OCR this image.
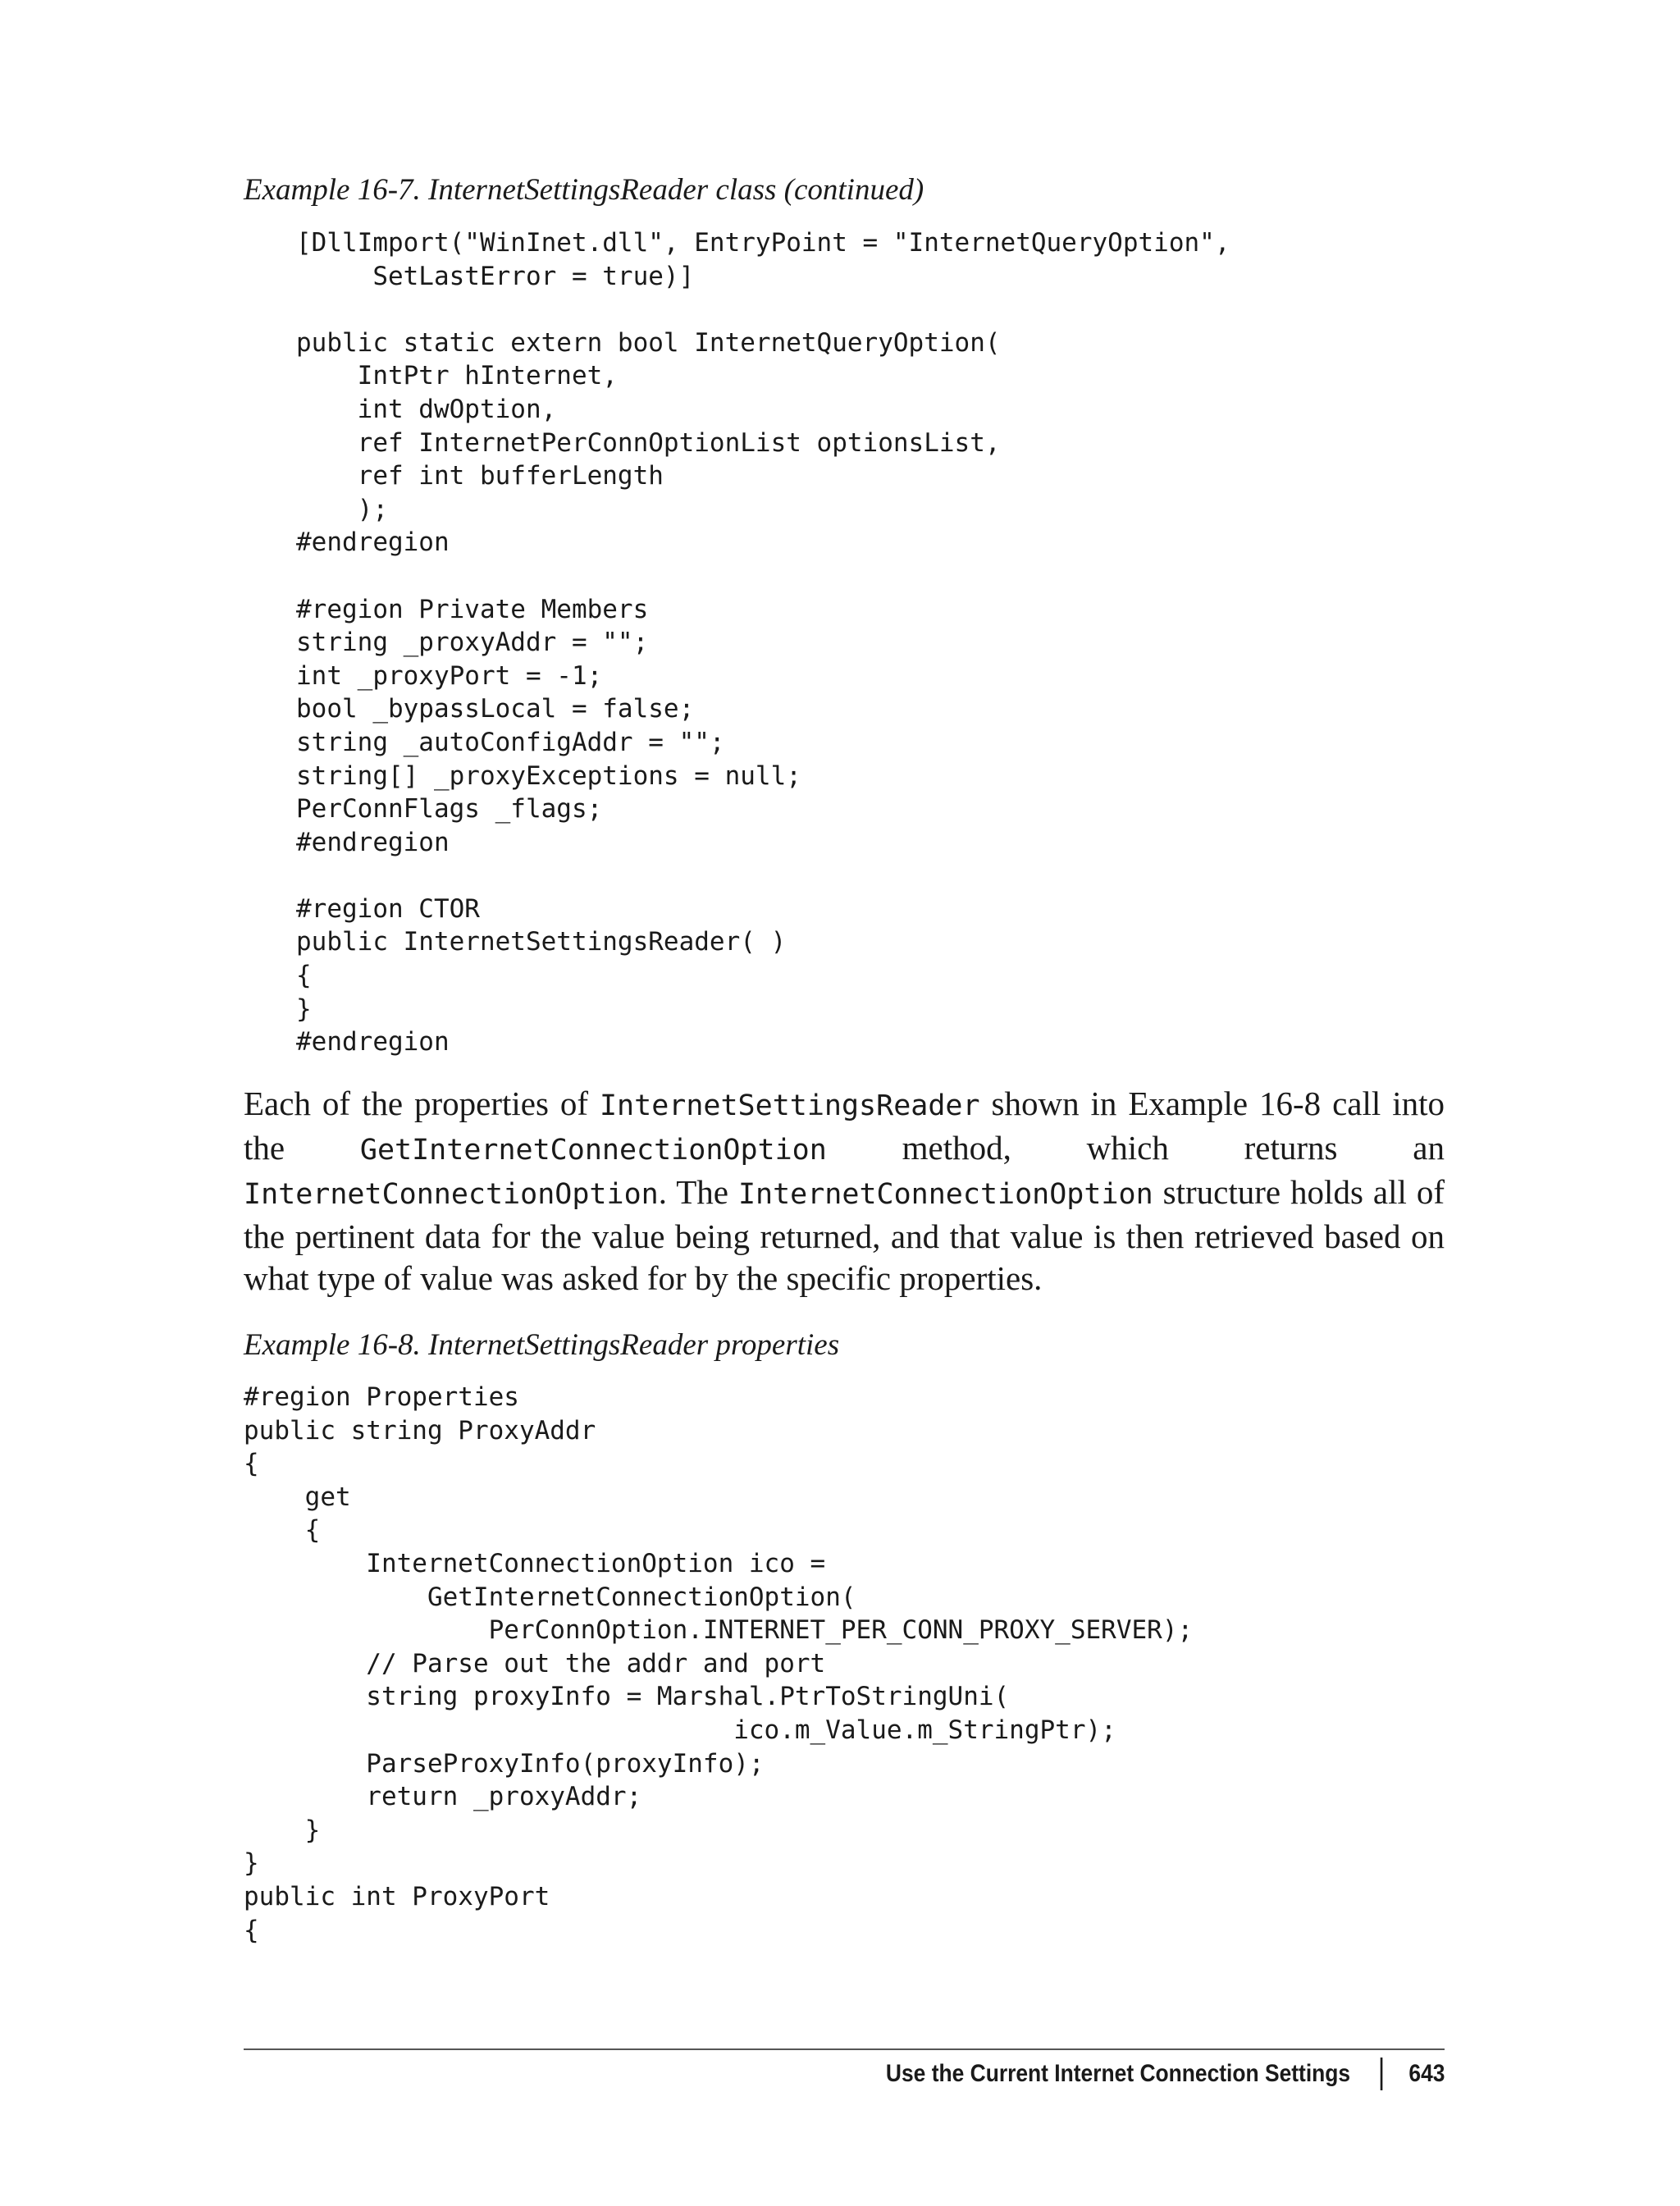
Example 16-7. InternetSettingsReader class (continued)
[DllImport("WinInet.dll", EntryPoint = "InternetQueryOption",
SetLastError = true)]

public static extern bool InternetQueryOption(
IntPtr hInternet,
int dwOption,
ref InternetPerConnOptionList optionsList,
ref int bufferLength
);
#endregion

#region Private Members
string _proxyAddr = "";
int _proxyPort = -1;
bool _bypassLocal = false;
string _autoConfigAddr = "";
string[] _proxyExceptions = null;
PerConnFlags _flags;
#endregion

#region CTOR
public InternetSettingsReader( )
{
}
#endregion

Each of the properties of InternetSettingsReader shown in Example 16-8 call into the GetInternetConnectionOption method, which returns an InternetConnectionOption. The InternetConnectionOption structure holds all of the pertinent data for the value being returned, and that value is then retrieved based on what type of value was asked for by the specific properties.

Example 16-8. InternetSettingsReader properties
#region Properties
public string ProxyAddr
{
get
{
InternetConnectionOption ico =
GetInternetConnectionOption(
PerConnOption.INTERNET_PER_CONN_PROXY_SERVER);
// Parse out the addr and port
string proxyInfo = Marshal.PtrToStringUni(
ico.m_Value.m_StringPtr);
ParseProxyInfo(proxyInfo);
return _proxyAddr;
}
}
public int ProxyPort
{
Use the Current Internet Connection Settings 643
